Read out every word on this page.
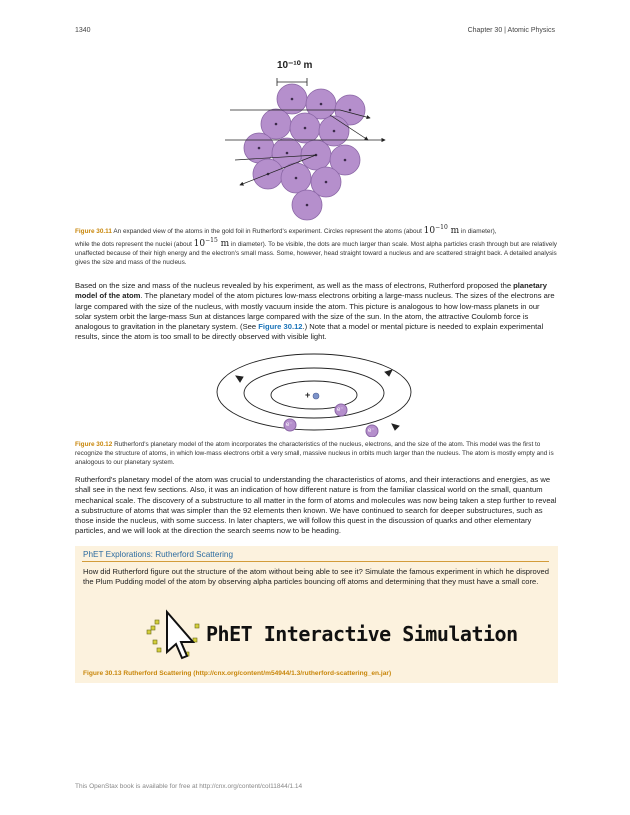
1340	Chapter 30 | Atomic Physics
10⁻¹⁰ m

Figure 30.11 An expanded view of the atoms in the gold foil in Rutherford's experiment. Circles represent the atoms (about $10^{-10}$ m in diameter),
while the dots represent the nuclei (about $10^{-15}$ m in diameter). To be visible, the dots are much larger than scale. Most alpha particles crash through but are relatively unaffected because of their high energy and the electron's small mass. Some, however, head straight toward a nucleus and are scattered straight back. A detailed analysis gives the size and mass of the nucleus.

Based on the size and mass of the nucleus revealed by his experiment, as well as the mass of electrons, Rutherford proposed the planetary model of the atom. The planetary model of the atom pictures low-mass electrons orbiting a large-mass nucleus. The sizes of the electrons are large compared with the size of the nucleus, with mostly vacuum inside the atom. This picture is analogous to how low-mass planets in our solar system orbit the large-mass Sun at distances large compared with the size of the sun. In the atom, the attractive Coulomb force is analogous to gravitation in the planetary system. (See Figure 30.12.) Note that a model or mental picture is needed to explain experimental results, since the atom is too small to be directly observed with visible light.

+
e⁻
e⁻
e⁻

Figure 30.12 Rutherford's planetary model of the atom incorporates the characteristics of the nucleus, electrons, and the size of the atom. This model was the first to recognize the structure of atoms, in which low-mass electrons orbit a very small, massive nucleus in orbits much larger than the nucleus. The atom is mostly empty and is analogous to our planetary system.

Rutherford's planetary model of the atom was crucial to understanding the characteristics of atoms, and their interactions and energies, as we shall see in the next few sections. Also, it was an indication of how different nature is from the familiar classical world on the small, quantum mechanical scale. The discovery of a substructure to all matter in the form of atoms and molecules was now being taken a step further to reveal a substructure of atoms that was simpler than the 92 elements then known. We have continued to search for deeper substructures, such as those inside the nucleus, with some success. In later chapters, we will follow this quest in the discussion of quarks and other elementary particles, and we will look at the direction the search seems now to be heading.

PhET Explorations: Rutherford Scattering

How did Rutherford figure out the structure of the atom without being able to see it? Simulate the famous experiment in which he disproved the Plum Pudding model of the atom by observing alpha particles bouncing off atoms and determining that they must have a small core.

PhET Interactive Simulation
Figure 30.13 Rutherford Scattering (http://cnx.org/content/m54944/1.3/rutherford-scattering_en.jar)
This OpenStax book is available for free at http://cnx.org/content/col11844/1.14
